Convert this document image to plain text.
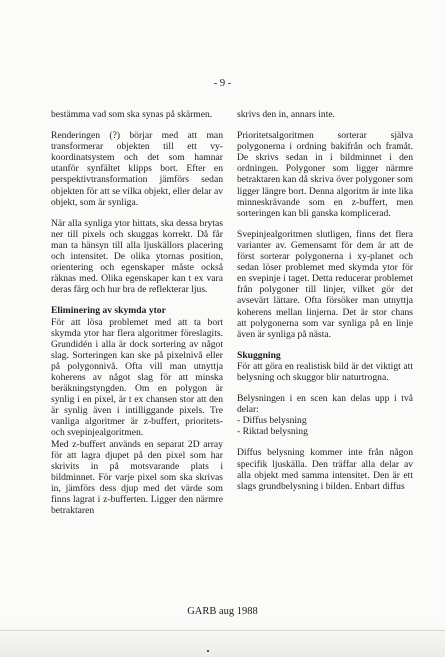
- 9 -

bestämma vad som ska synas på skärmen.

Renderingen (?) börjar med att man transformerar objekten till ett vy-koordinatsystem och det som hamnar utanför synfältet klipps bort. Efter en perspektivtransformation jämförs sedan objekten för att se vilka objekt, eller delar av objekt, som är synliga.

När alla synliga ytor hittats, ska dessa brytas ner till pixels och skuggas korrekt. Då får man ta hänsyn till alla ljuskällors placering och intensitet. De olika ytornas position, orientering och egenskaper måste också räknas med. Olika egenskaper kan t ex vara deras färg och hur bra de reflekterar ljus.

Eliminering av skymda ytor

För att lösa problemet med att ta bort skymda ytor har flera algoritmer föreslagits. Grundidén i alla är dock sortering av något slag. Sorteringen kan ske på pixelnivå eller på polygonnivå. Ofta vill man utnyttja koherens av något slag för att minska beräkningstyngden. Om en polygon är synlig i en pixel, är t ex chansen stor att den är synlig även i intilliggande pixels. Tre vanliga algoritmer är z-buffert, prioritets- och svepinjealgoritmen.

Med z-buffert används en separat 2D array för att lagra djupet på den pixel som har skrivits in på motsvarande plats i bildminnet. För varje pixel som ska skrivas in, jämförs dess djup med det värde som finns lagrat i z-bufferten. Ligger den närmre betraktaren

skrivs den in, annars inte.

Prioritetsalgoritmen sorterar själva polygonerna i ordning bakifrån och framåt. De skrivs sedan in i bildminnet i den ordningen. Polygoner som ligger närmre betraktaren kan då skriva över polygoner som ligger längre bort. Denna algoritm är inte lika minneskrävande som en z-buffert, men sorteringen kan bli ganska komplicerad.

Svepinjealgoritmen slutligen, finns det flera varianter av. Gemensamt för dem är att de först sorterar polygonerna i xy-planet och sedan löser problemet med skymda ytor för en svepinje i taget. Detta reducerar problemet från polygoner till linjer, vilket gör det avsevärt lättare. Ofta försöker man utnyttja koherens mellan linjerna. Det är stor chans att polygonerna som var synliga på en linje även är synliga på nästa.

Skuggning

För att göra en realistisk bild är det viktigt att belysning och skuggor blir naturtrogna.

Belysningen i en scen kan delas upp i två delar:

- Diffus belysning
- Riktad belysning

Diffus belysning kommer inte från någon specifik ljuskälla. Den träffar alla delar av alla objekt med samma intensitet. Den är ett slags grundbelysning i bilden. Enbart diffus

GARB aug 1988
